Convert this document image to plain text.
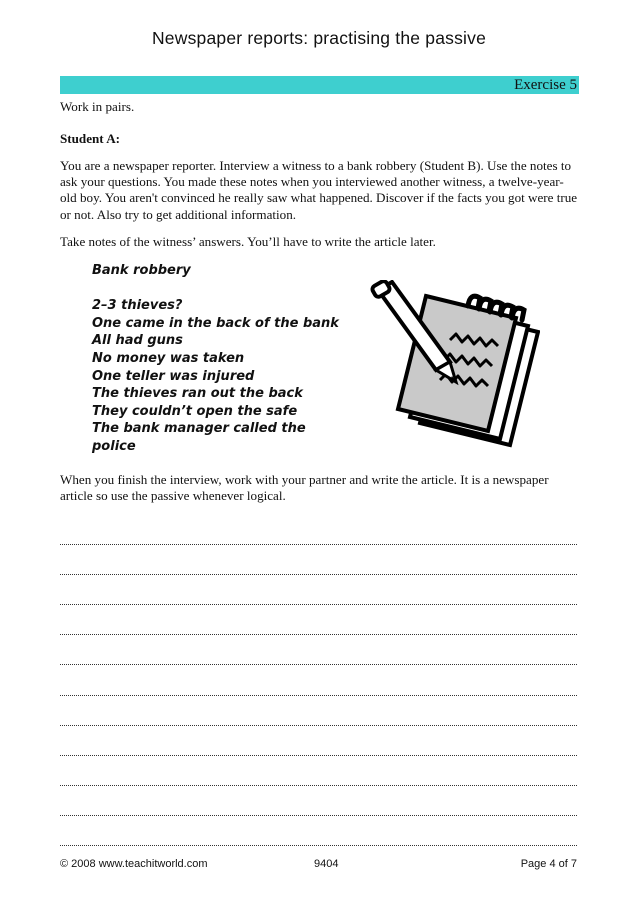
Newspaper reports: practising the passive
Exercise 5

Work in pairs.

Student A:

You are a newspaper reporter. Interview a witness to a bank robbery (Student B). Use the notes to ask your questions. You made these notes when you interviewed another witness, a twelve-year-old boy. You aren't convinced he really saw what happened. Discover if the facts you got were true or not. Also try to get additional information.

Take notes of the witness’ answers. You’ll have to write the article later.

Bank robbery
2–3 thieves?
One came in the back of the bank
All had guns
No money was taken
One teller was injured
The thieves ran out the back
They couldn’t open the safe
The bank manager called the
police

When you finish the interview, work with your partner and write the article. It is a newspaper article so use the passive whenever logical.

© 2008 www.teachitworld.com	9404	Page 4 of 7
